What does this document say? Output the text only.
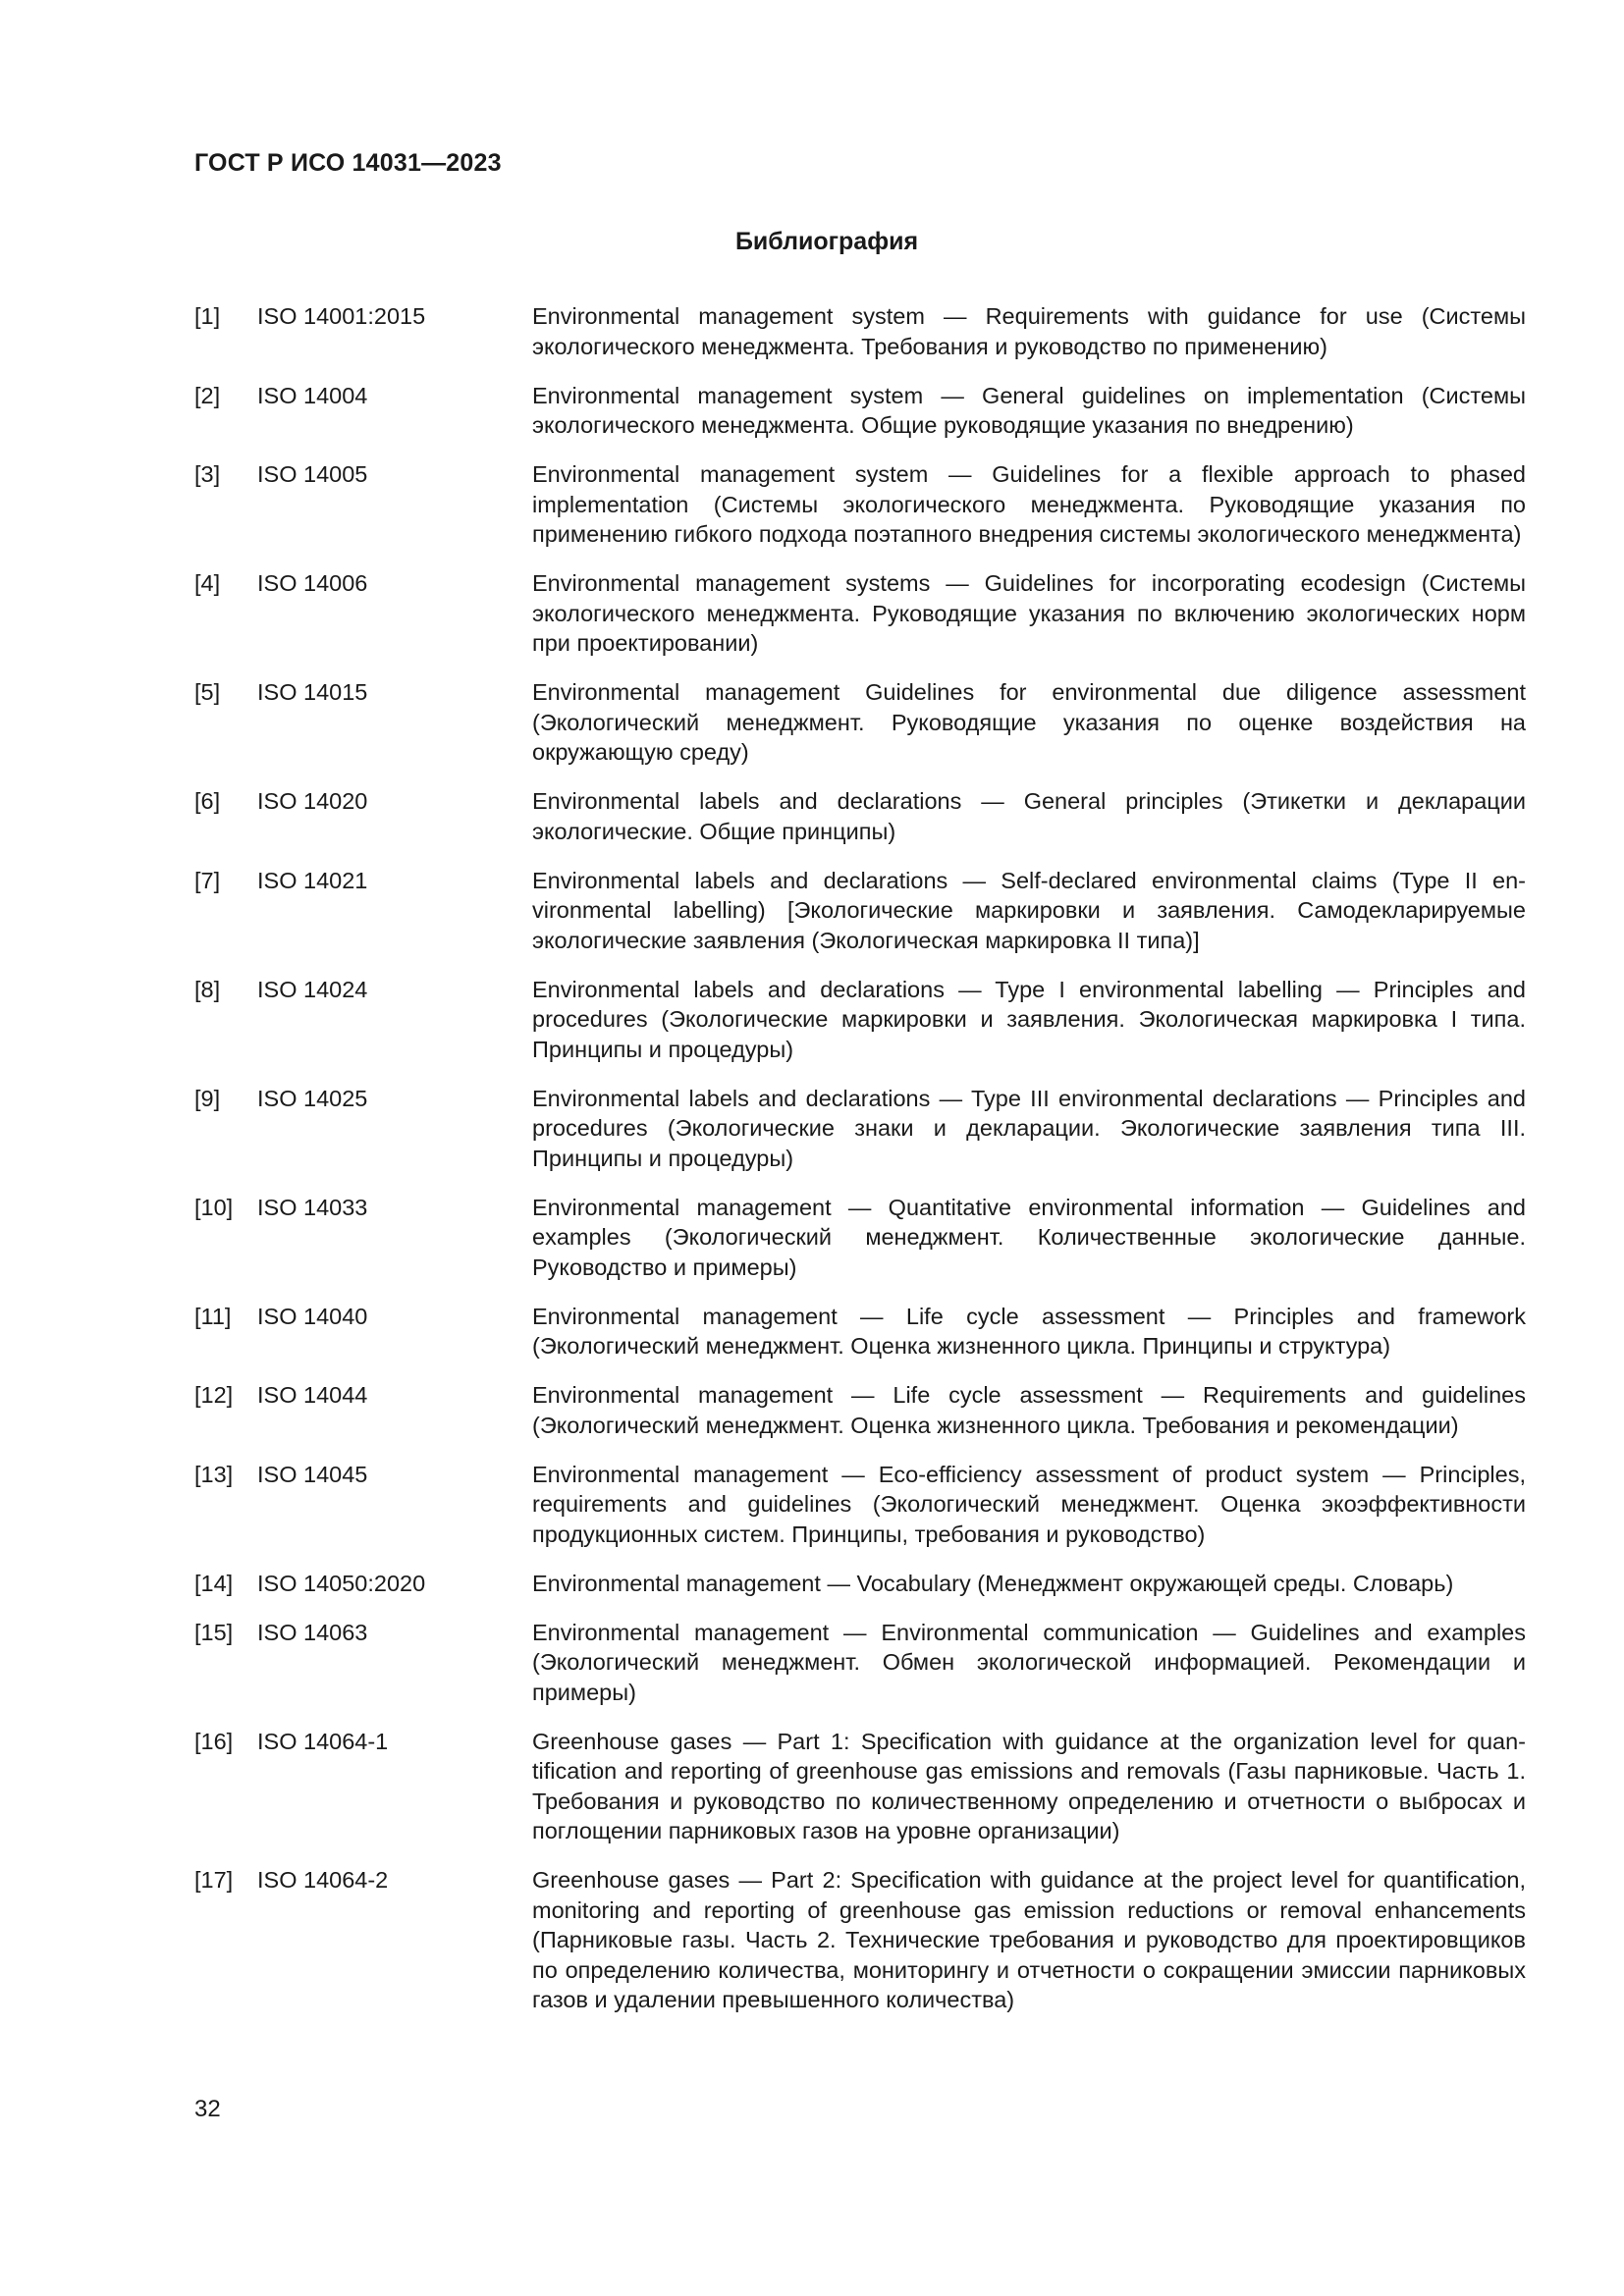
ГОСТ Р ИСО 14031—2023
Библиография
[1]	ISO 14001:2015	Environmental management system — Requirements with guidance for use (Системы экологического менеджмента. Требования и руководство по применению)
[2]	ISO 14004	Environmental management system — General guidelines on implementation (Системы экологического менеджмента. Общие руководящие указания по внедрению)
[3]	ISO 14005	Environmental management system — Guidelines for a flexible approach to phased implementation (Системы экологического менеджмента. Руководящие указания по применению гибкого подхода поэтапного внедрения системы экологического менеджмента)
[4]	ISO 14006	Environmental management systems — Guidelines for incorporating ecodesign (Системы экологического менеджмента. Руководящие указания по включению экологических норм при проектировании)
[5]	ISO 14015	Environmental management Guidelines for environmental due diligence assessment (Экологический менеджмент. Руководящие указания по оценке воздействия на окружающую среду)
[6]	ISO 14020	Environmental labels and declarations — General principles (Этикетки и декларации экологические. Общие принципы)
[7]	ISO 14021	Environmental labels and declarations — Self-declared environmental claims (Type II environmental labelling) [Экологические маркировки и заявления. Самодекларируемые экологические заявления (Экологическая маркировка II типа)]
[8]	ISO 14024	Environmental labels and declarations — Type I environmental labelling — Principles and procedures (Экологические маркировки и заявления. Экологическая маркировка I типа. Принципы и процедуры)
[9]	ISO 14025	Environmental labels and declarations — Type III environmental declarations — Principles and procedures (Экологические знаки и декларации. Экологические заявления типа III. Принципы и процедуры)
[10]	ISO 14033	Environmental management — Quantitative environmental information — Guidelines and examples (Экологический менеджмент. Количественные экологические данные. Руководство и примеры)
[11]	ISO 14040	Environmental management — Life cycle assessment — Principles and framework (Экологический менеджмент. Оценка жизненного цикла. Принципы и структура)
[12]	ISO 14044	Environmental management — Life cycle assessment — Requirements and guidelines (Экологический менеджмент. Оценка жизненного цикла. Требования и рекомендации)
[13]	ISO 14045	Environmental management — Eco-efficiency assessment of product system — Principles, requirements and guidelines (Экологический менеджмент. Оценка экоэффективности продукционных систем. Принципы, требования и руководство)
[14]	ISO 14050:2020	Environmental management — Vocabulary (Менеджмент окружающей среды. Словарь)
[15]	ISO 14063	Environmental management — Environmental communication — Guidelines and examples (Экологический менеджмент. Обмен экологической информацией. Рекомендации и примеры)
[16]	ISO 14064-1	Greenhouse gases — Part 1: Specification with guidance at the organization level for quantification and reporting of greenhouse gas emissions and removals (Газы парниковые. Часть 1. Требования и руководство по количественному определению и отчетности о выбросах и поглощении парниковых газов на уровне организации)
[17]	ISO 14064-2	Greenhouse gases — Part 2: Specification with guidance at the project level for quantification, monitoring and reporting of greenhouse gas emission reductions or removal enhancements (Парниковые газы. Часть 2. Технические требования и руководство для проектировщиков по определению количества, мониторингу и отчетности о сокращении эмиссии парниковых газов и удалении превышенного количества)
32
